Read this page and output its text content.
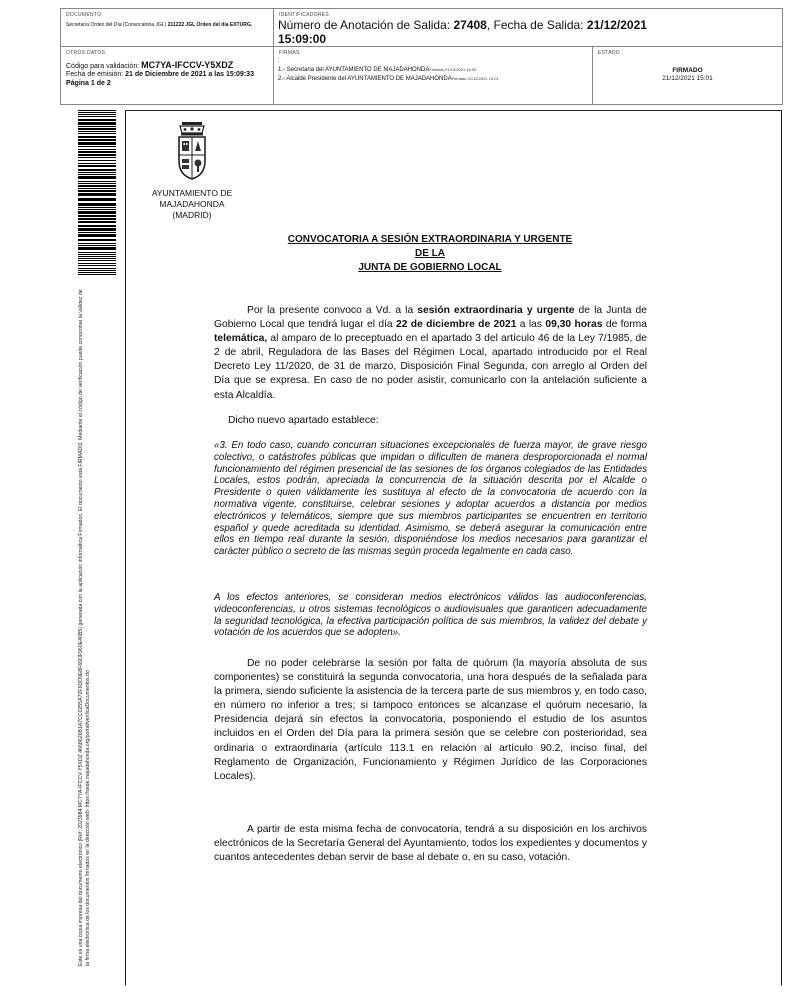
DOCUMENTO
Secretaría Orden del Día (Convocatoria JGL) 211222 JGL Orden del día EXTURG.
IDENTIFICADORES
Número de Anotación de Salida: 27408, Fecha de Salida: 21/12/2021
15:09:00
OTROS DATOS
Código para validación: MC7YA-IFCCV-Y5XDZ
Fecha de emisión: 21 de Diciembre de 2021 a las 15:09:33
Página 1 de 2
FIRMAS
:
1.- Secretaria del AYUNTAMIENTO DE MAJADAHONDAFirmado 21/12/2021 14:30
2.- Alcalde Presidente del AYUNTAMIENTO DE MAJADAHONDAFirmado 21/12/2021 15:01
ESTADO
FIRMADO
21/12/2021 15:01
Este es una copia impresa del documento electrónico (Ref: 2023984 MC7YA-IFCCV-Y5XDZ 4668626B1A7CC0255A72F6DD9E8F66DF960E46B5) generada con la aplicación informática Firmadoc. El documento está FIRMADO. Mediante el código de verificación puede comprobar la validez de la firma electrónica de los documentos firmados en la dirección web: https://sede.majadahonda.org/portal/verificaDocumentos.do
AYUNTAMIENTO DE
MAJADAHONDA
(MADRID)
CONVOCATORIA A SESIÓN EXTRAORDINARIA Y URGENTE
DE LA
JUNTA DE GOBIERNO LOCAL
Por la presente convoco a Vd. a la sesión extraordinaria y urgente de la Junta de Gobierno Local que tendrá lugar el día 22 de diciembre de 2021 a las 09,30 horas de forma telemática, al amparo de lo preceptuado en el apartado 3 del artículo 46 de la Ley 7/1985, de 2 de abril, Reguladora de las Bases del Régimen Local, apartado introducido por el Real Decreto Ley 11/2020, de 31 de marzo, Disposición Final Segunda, con arreglo al Orden del Día que se expresa. En caso de no poder asistir, comunicarlo con la antelación suficiente a esta Alcaldía.
Dicho nuevo apartado establece:
«3. En todo caso, cuando concurran situaciones excepcionales de fuerza mayor, de grave riesgo colectivo, o catástrofes públicas que impidan o dificulten de manera desproporcionada el normal funcionamiento del régimen presencial de las sesiones de los órganos colegiados de las Entidades Locales, estos podrán, apreciada la concurrencia de la situación descrita por el Alcalde o Presidente o quien válidamente les sustituya al efecto de la convocatoria de acuerdo con la normativa vigente, constituirse, celebrar sesiones y adoptar acuerdos a distancia por medios electrónicos y telemáticos, siempre que sus miembros participantes se encuentren en territorio español y quede acreditada su identidad. Asimismo, se deberá asegurar la comunicación entre ellos en tiempo real durante la sesión, disponiéndose los medios necesarios para garantizar el carácter público o secreto de las mismas según proceda legalmente en cada caso.
A los efectos anteriores, se consideran medios electrónicos válidos las audioconferencias, videoconferencias, u otros sistemas tecnológicos o audiovisuales que garanticen adecuadamente la seguridad tecnológica, la efectiva participación política de sus miembros, la validez del debate y votación de los acuerdos que se adopten».
De no poder celebrarse la sesión por falta de quórum (la mayoría absoluta de sus componentes) se constituirá la segunda convocatoria, una hora después de la señalada para la primera, siendo suficiente la asistencia de la tercera parte de sus miembros y, en todo caso, en número no inferior a tres; si tampoco entonces se alcanzase el quórum necesario, la Presidencia dejará sin efectos la convocatoria, posponiendo el estudio de los asuntos incluidos en el Orden del Día para la primera sesión que se celebre con posterioridad, sea ordinaria o extraordinaria (artículo 113.1 en relación al artículo 90.2, inciso final, del Reglamento de Organización, Funcionamiento y Régimen Jurídico de las Corporaciones Locales).
A partir de esta misma fecha de convocatoria, tendrá a su disposición en los archivos electrónicos de la Secretaría General del Ayuntamiento, todos los expedientes y documentos y cuantos antecedentes deban servir de base al debate o, en su caso, votación.
